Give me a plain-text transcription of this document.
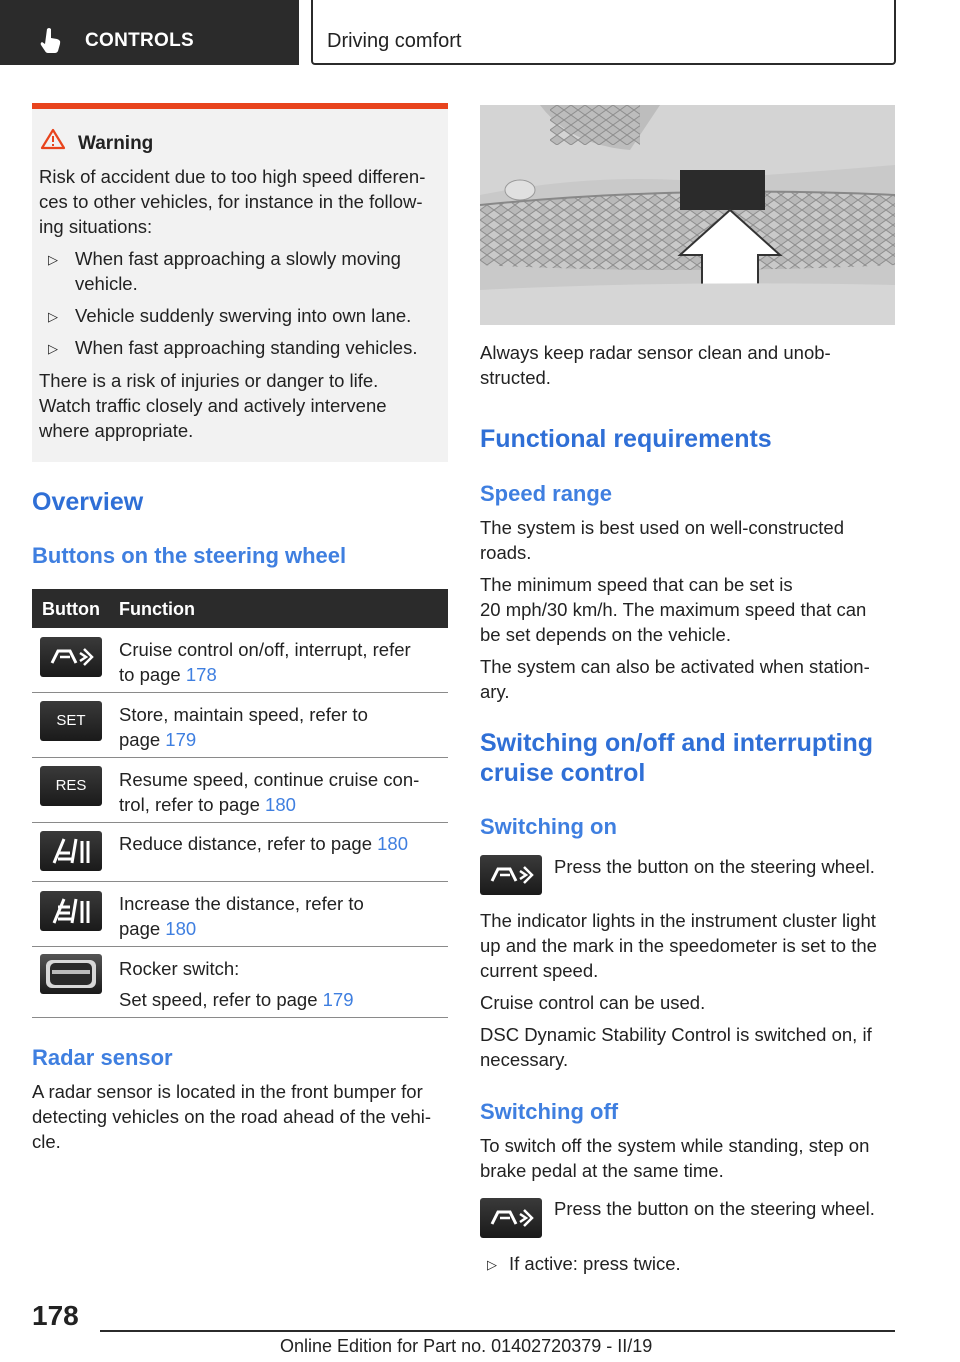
CONTROLS	Driving comfort
Warning
Risk of accident due to too high speed differen-
ces to other vehicles, for instance in the follow-
ing situations:
▷ When fast approaching a slowly moving
vehicle.
▷ Vehicle suddenly swerving into own lane.
▷ When fast approaching standing vehicles.
There is a risk of injuries or danger to life.
Watch traffic closely and actively intervene
where appropriate.
Overview
Buttons on the steering wheel
Button Function
Cruise control on/off, interrupt, refer
to page 178
SET	Store, maintain speed, refer to
page 179
RES	Resume speed, continue cruise con-
trol, refer to page 180
Reduce distance, refer to page 180
Increase the distance, refer to
page 180
Rocker switch:
Set speed, refer to page 179
Radar sensor
A radar sensor is located in the front bumper for
detecting vehicles on the road ahead of the vehi-
cle.
Always keep radar sensor clean and unob-
structed.
Functional requirements
Speed range
The system is best used on well-constructed
roads.
The minimum speed that can be set is
20 mph/30 km/h. The maximum speed that can
be set depends on the vehicle.
The system can also be activated when station-
ary.
Switching on/off and interrupting
cruise control
Switching on
Press the button on the steering wheel.
The indicator lights in the instrument cluster light
up and the mark in the speedometer is set to the
current speed.
Cruise control can be used.
DSC Dynamic Stability Control is switched on, if
necessary.
Switching off
To switch off the system while standing, step on
brake pedal at the same time.
Press the button on the steering wheel.
▷ If active: press twice.
178
Online Edition for Part no. 01402720379 - II/19
